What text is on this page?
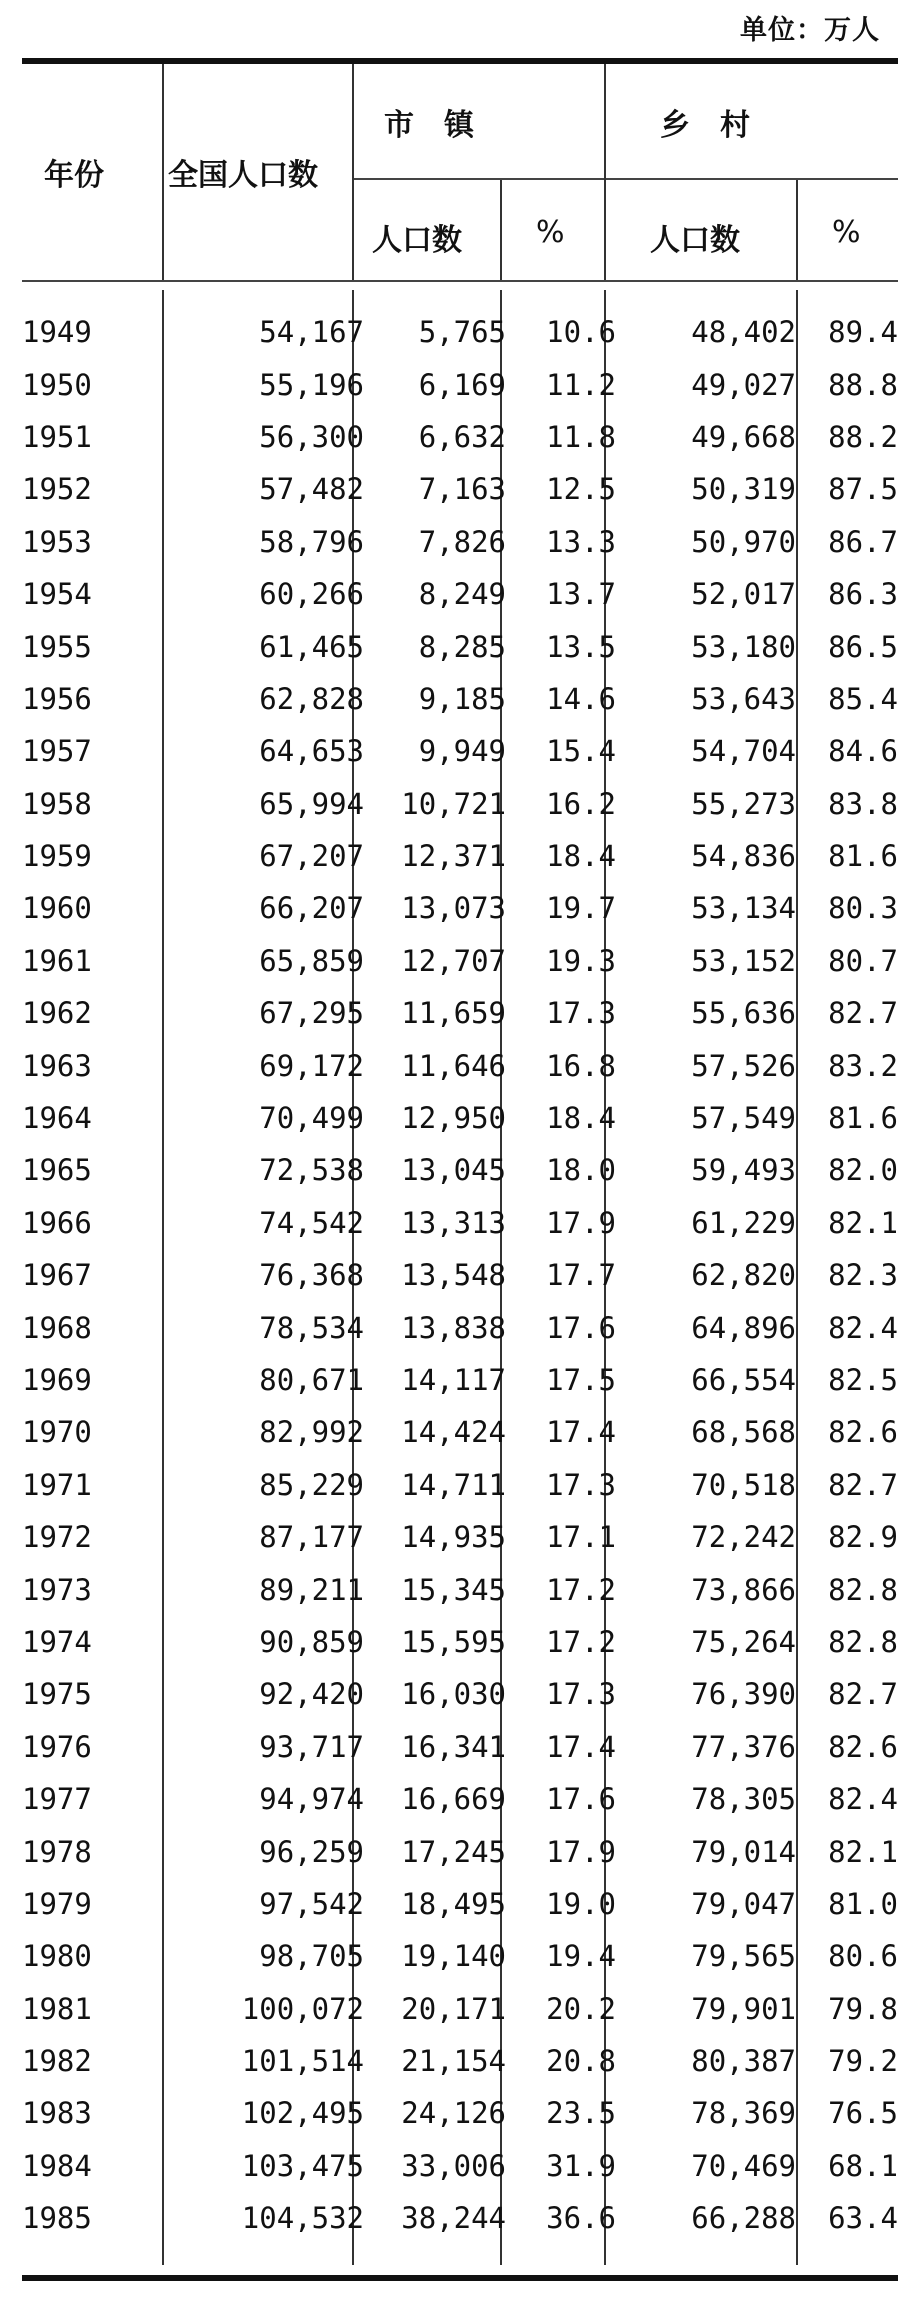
单位：万人
年份 全国人口数
市　镇	乡　村
人口数 %	人口数	%
1949	54,167	5,765	10.6	48,402	89.4
1950	55,196	6,169	11.2	49,027	88.8
1951	56,300	6,632	11.8	49,668	88.2
1952	57,482	7,163	12.5	50,319	87.5
1953	58,796	7,826	13.3	50,970	86.7
1954	60,266	8,249	13.7	52,017	86.3
1955	61,465	8,285	13.5	53,180	86.5
1956	62,828	9,185	14.6	53,643	85.4
1957	64,653	9,949	15.4	54,704	84.6
1958	65,994	10,721	16.2	55,273	83.8
1959	67,207	12,371	18.4	54,836	81.6
1960	66,207	13,073	19.7	53,134	80.3
1961	65,859	12,707	19.3	53,152	80.7
1962	67,295	11,659	17.3	55,636	82.7
1963	69,172	11,646	16.8	57,526	83.2
1964	70,499	12,950	18.4	57,549	81.6
1965	72,538	13,045	18.0	59,493	82.0
1966	74,542	13,313	17.9	61,229	82.1
1967	76,368	13,548	17.7	62,820	82.3
1968	78,534	13,838	17.6	64,896	82.4
1969	80,671	14,117	17.5	66,554	82.5
1970	82,992	14,424	17.4	68,568	82.6
1971	85,229	14,711	17.3	70,518	82.7
1972	87,177	14,935	17.1	72,242	82.9
1973	89,211	15,345	17.2	73,866	82.8
1974	90,859	15,595	17.2	75,264	82.8
1975	92,420	16,030	17.3	76,390	82.7
1976	93,717	16,341	17.4	77,376	82.6
1977	94,974	16,669	17.6	78,305	82.4
1978	96,259	17,245	17.9	79,014	82.1
1979	97,542	18,495	19.0	79,047	81.0
1980	98,705	19,140	19.4	79,565	80.6
1981	100,072	20,171	20.2	79,901	79.8
1982	101,514	21,154	20.8	80,387	79.2
1983	102,495	24,126	23.5	78,369	76.5
1984	103,475	33,006	31.9	70,469	68.1
1985	104,532	38,244	36.6	66,288	63.4
